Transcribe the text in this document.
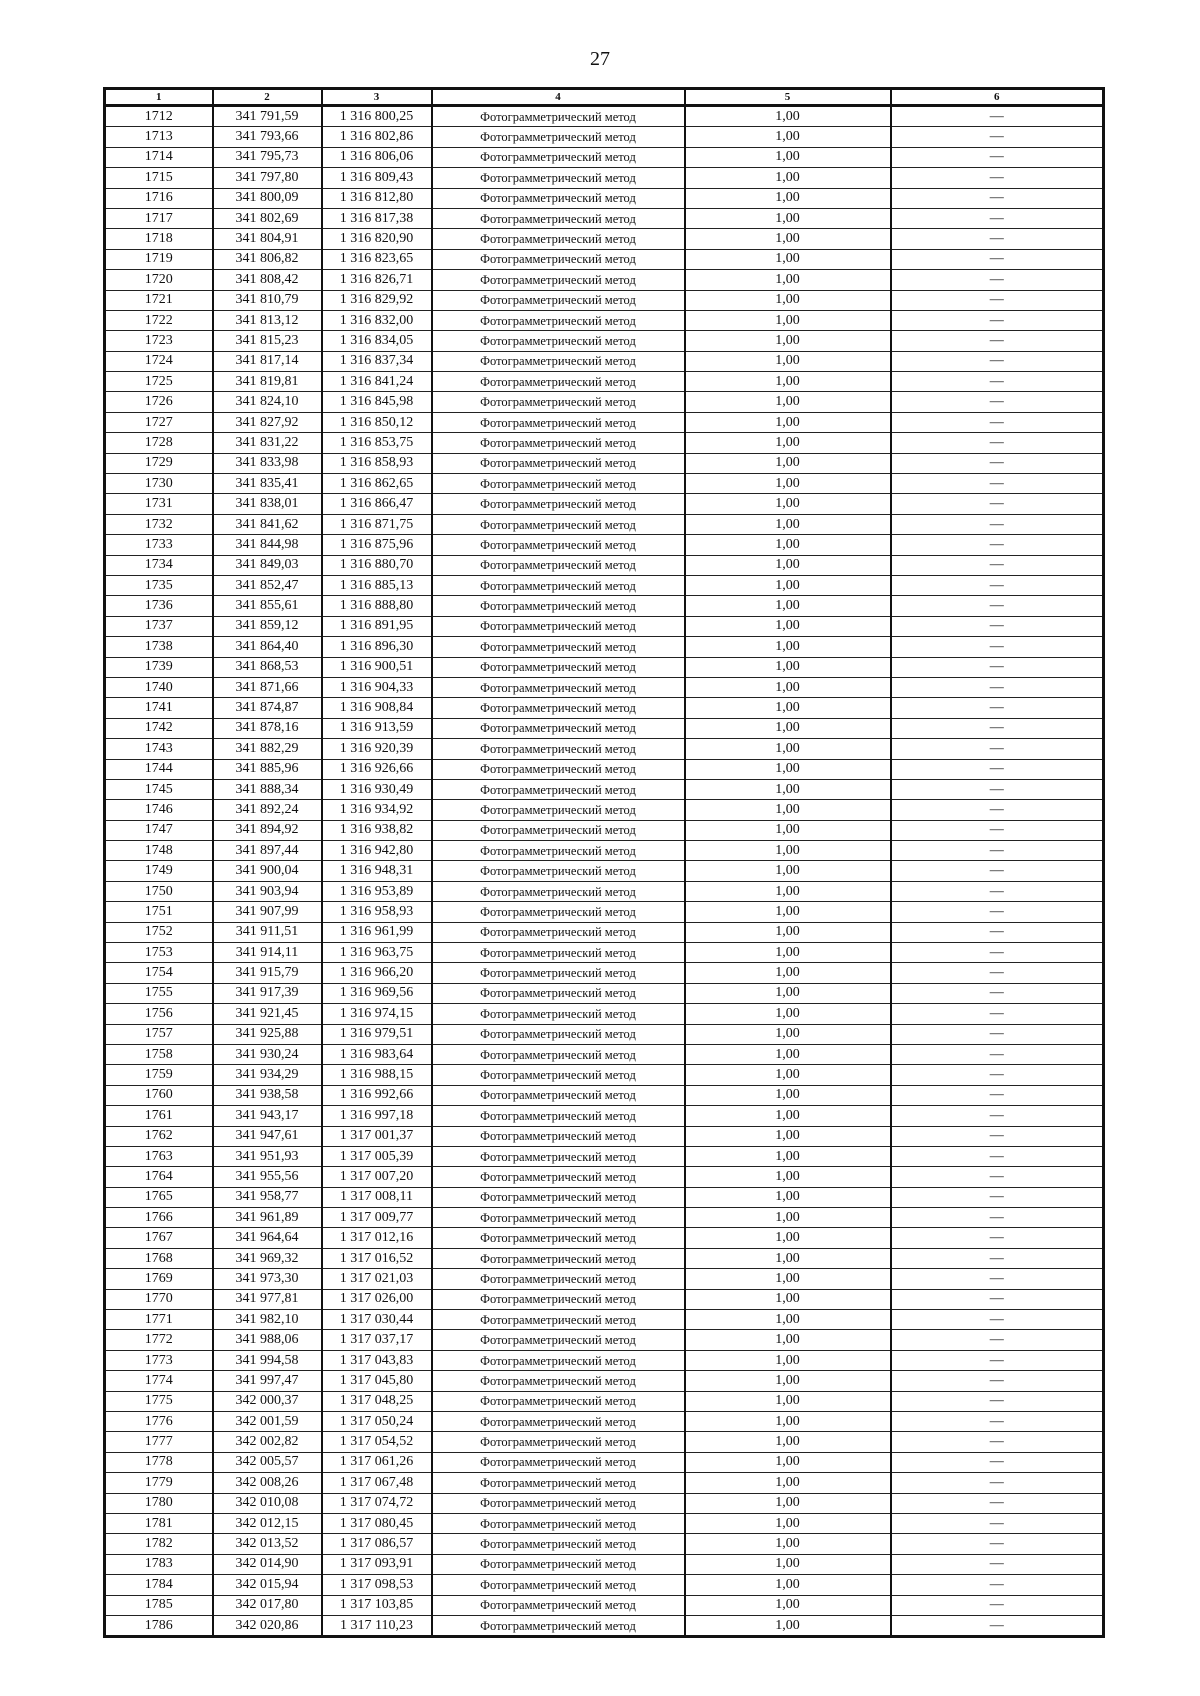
27
1	2	3	4	5	6
1712	341 791,59	1 316 800,25	Фотограмметрический метод	1,00	—
1713	341 793,66	1 316 802,86	Фотограмметрический метод	1,00	—
1714	341 795,73	1 316 806,06	Фотограмметрический метод	1,00	—
1715	341 797,80	1 316 809,43	Фотограмметрический метод	1,00	—
1716	341 800,09	1 316 812,80	Фотограмметрический метод	1,00	—
1717	341 802,69	1 316 817,38	Фотограмметрический метод	1,00	—
1718	341 804,91	1 316 820,90	Фотограмметрический метод	1,00	—
1719	341 806,82	1 316 823,65	Фотограмметрический метод	1,00	—
1720	341 808,42	1 316 826,71	Фотограмметрический метод	1,00	—
1721	341 810,79	1 316 829,92	Фотограмметрический метод	1,00	—
1722	341 813,12	1 316 832,00	Фотограмметрический метод	1,00	—
1723	341 815,23	1 316 834,05	Фотограмметрический метод	1,00	—
1724	341 817,14	1 316 837,34	Фотограмметрический метод	1,00	—
1725	341 819,81	1 316 841,24	Фотограмметрический метод	1,00	—
1726	341 824,10	1 316 845,98	Фотограмметрический метод	1,00	—
1727	341 827,92	1 316 850,12	Фотограмметрический метод	1,00	—
1728	341 831,22	1 316 853,75	Фотограмметрический метод	1,00	—
1729	341 833,98	1 316 858,93	Фотограмметрический метод	1,00	—
1730	341 835,41	1 316 862,65	Фотограмметрический метод	1,00	—
1731	341 838,01	1 316 866,47	Фотограмметрический метод	1,00	—
1732	341 841,62	1 316 871,75	Фотограмметрический метод	1,00	—
1733	341 844,98	1 316 875,96	Фотограмметрический метод	1,00	—
1734	341 849,03	1 316 880,70	Фотограмметрический метод	1,00	—
1735	341 852,47	1 316 885,13	Фотограмметрический метод	1,00	—
1736	341 855,61	1 316 888,80	Фотограмметрический метод	1,00	—
1737	341 859,12	1 316 891,95	Фотограмметрический метод	1,00	—
1738	341 864,40	1 316 896,30	Фотограмметрический метод	1,00	—
1739	341 868,53	1 316 900,51	Фотограмметрический метод	1,00	—
1740	341 871,66	1 316 904,33	Фотограмметрический метод	1,00	—
1741	341 874,87	1 316 908,84	Фотограмметрический метод	1,00	—
1742	341 878,16	1 316 913,59	Фотограмметрический метод	1,00	—
1743	341 882,29	1 316 920,39	Фотограмметрический метод	1,00	—
1744	341 885,96	1 316 926,66	Фотограмметрический метод	1,00	—
1745	341 888,34	1 316 930,49	Фотограмметрический метод	1,00	—
1746	341 892,24	1 316 934,92	Фотограмметрический метод	1,00	—
1747	341 894,92	1 316 938,82	Фотограмметрический метод	1,00	—
1748	341 897,44	1 316 942,80	Фотограмметрический метод	1,00	—
1749	341 900,04	1 316 948,31	Фотограмметрический метод	1,00	—
1750	341 903,94	1 316 953,89	Фотограмметрический метод	1,00	—
1751	341 907,99	1 316 958,93	Фотограмметрический метод	1,00	—
1752	341 911,51	1 316 961,99	Фотограмметрический метод	1,00	—
1753	341 914,11	1 316 963,75	Фотограмметрический метод	1,00	—
1754	341 915,79	1 316 966,20	Фотограмметрический метод	1,00	—
1755	341 917,39	1 316 969,56	Фотограмметрический метод	1,00	—
1756	341 921,45	1 316 974,15	Фотограмметрический метод	1,00	—
1757	341 925,88	1 316 979,51	Фотограмметрический метод	1,00	—
1758	341 930,24	1 316 983,64	Фотограмметрический метод	1,00	—
1759	341 934,29	1 316 988,15	Фотограмметрический метод	1,00	—
1760	341 938,58	1 316 992,66	Фотограмметрический метод	1,00	—
1761	341 943,17	1 316 997,18	Фотограмметрический метод	1,00	—
1762	341 947,61	1 317 001,37	Фотограмметрический метод	1,00	—
1763	341 951,93	1 317 005,39	Фотограмметрический метод	1,00	—
1764	341 955,56	1 317 007,20	Фотограмметрический метод	1,00	—
1765	341 958,77	1 317 008,11	Фотограмметрический метод	1,00	—
1766	341 961,89	1 317 009,77	Фотограмметрический метод	1,00	—
1767	341 964,64	1 317 012,16	Фотограмметрический метод	1,00	—
1768	341 969,32	1 317 016,52	Фотограмметрический метод	1,00	—
1769	341 973,30	1 317 021,03	Фотограмметрический метод	1,00	—
1770	341 977,81	1 317 026,00	Фотограмметрический метод	1,00	—
1771	341 982,10	1 317 030,44	Фотограмметрический метод	1,00	—
1772	341 988,06	1 317 037,17	Фотограмметрический метод	1,00	—
1773	341 994,58	1 317 043,83	Фотограмметрический метод	1,00	—
1774	341 997,47	1 317 045,80	Фотограмметрический метод	1,00	—
1775	342 000,37	1 317 048,25	Фотограмметрический метод	1,00	—
1776	342 001,59	1 317 050,24	Фотограмметрический метод	1,00	—
1777	342 002,82	1 317 054,52	Фотограмметрический метод	1,00	—
1778	342 005,57	1 317 061,26	Фотограмметрический метод	1,00	—
1779	342 008,26	1 317 067,48	Фотограмметрический метод	1,00	—
1780	342 010,08	1 317 074,72	Фотограмметрический метод	1,00	—
1781	342 012,15	1 317 080,45	Фотограмметрический метод	1,00	—
1782	342 013,52	1 317 086,57	Фотограмметрический метод	1,00	—
1783	342 014,90	1 317 093,91	Фотограмметрический метод	1,00	—
1784	342 015,94	1 317 098,53	Фотограмметрический метод	1,00	—
1785	342 017,80	1 317 103,85	Фотограмметрический метод	1,00	—
1786	342 020,86	1 317 110,23	Фотограмметрический метод	1,00	—
